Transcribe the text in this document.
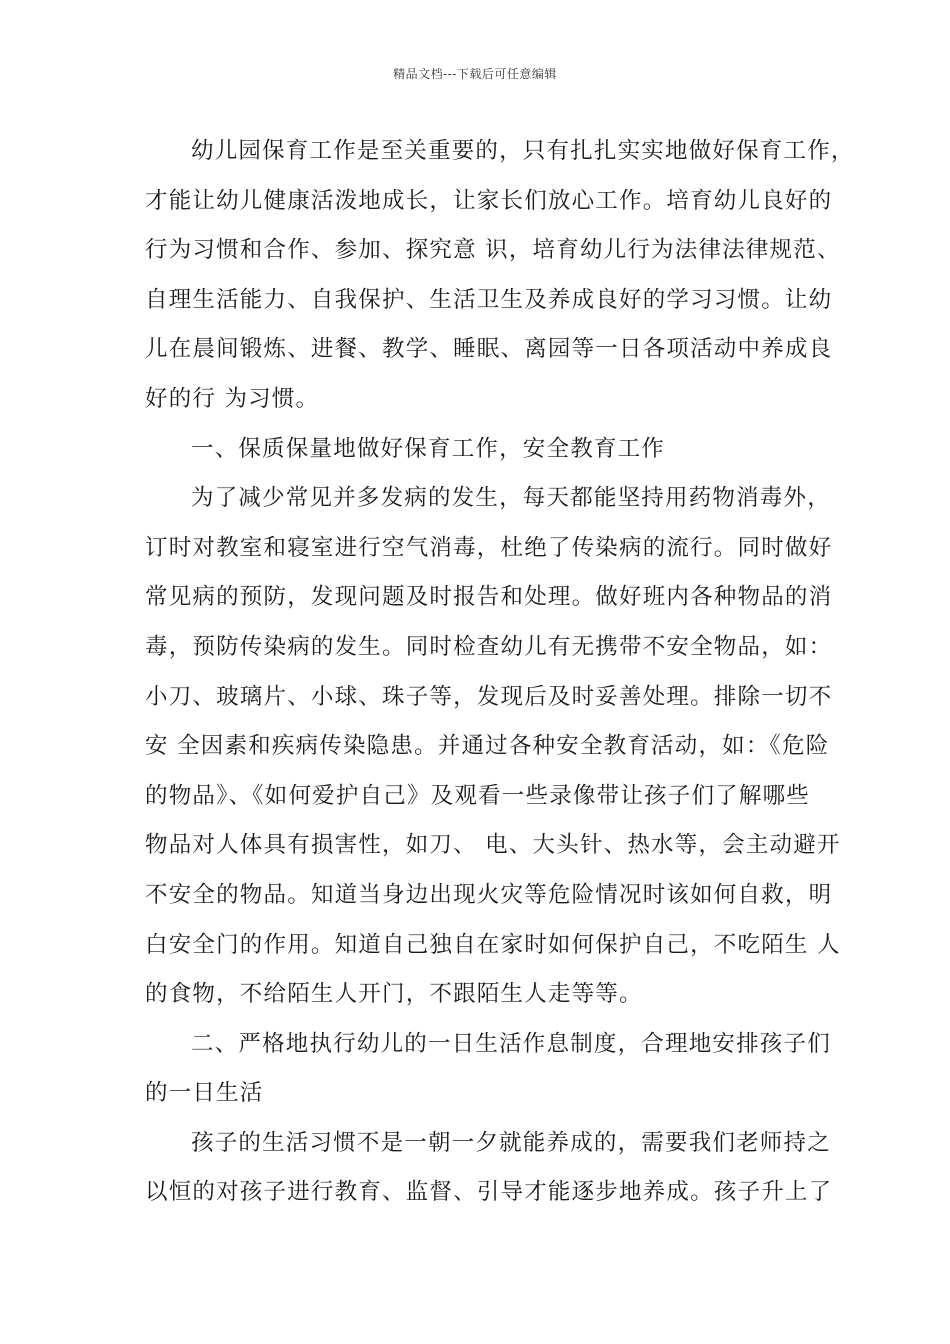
精品文档---下载后可任意编辑
幼儿园保育工作是至关重要的，只有扎扎实实地做好保育工作，
才能让幼儿健康活泼地成长，让家长们放心工作。培育幼儿良好的
行为习惯和合作、参加、探究意 识，培育幼儿行为法律法律规范、
自理生活能力、自我保护、生活卫生及养成良好的学习习惯。让幼
儿在晨间锻炼、进餐、教学、睡眠、离园等一日各项活动中养成良
好的行 为习惯。
一、保质保量地做好保育工作，安全教育工作
为了减少常见并多发病的发生，每天都能坚持用药物消毒外，
订时对教室和寝室进行空气消毒，杜绝了传染病的流行。同时做好
常见病的预防，发现问题及时报告和处理。做好班内各种物品的消
毒，预防传染病的发生。同时检查幼儿有无携带不安全物品，如：
小刀、玻璃片、小球、珠子等，发现后及时妥善处理。排除一切不
安 全因素和疾病传染隐患。并通过各种安全教育活动，如：《危险
的物品》、《如何爱护自己》及观看一些录像带让孩子们了解哪些
物品对人体具有损害性，如刀、 电、大头针、热水等，会主动避开
不安全的物品。知道当身边出现火灾等危险情况时该如何自救，明
白安全门的作用。知道自己独自在家时如何保护自己，不吃陌生 人
的食物，不给陌生人开门，不跟陌生人走等等。
二、严格地执行幼儿的一日生活作息制度，合理地安排孩子们
的一日生活
孩子的生活习惯不是一朝一夕就能养成的，需要我们老师持之
以恒的对孩子进行教育、监督、引导才能逐步地养成。孩子升上了
